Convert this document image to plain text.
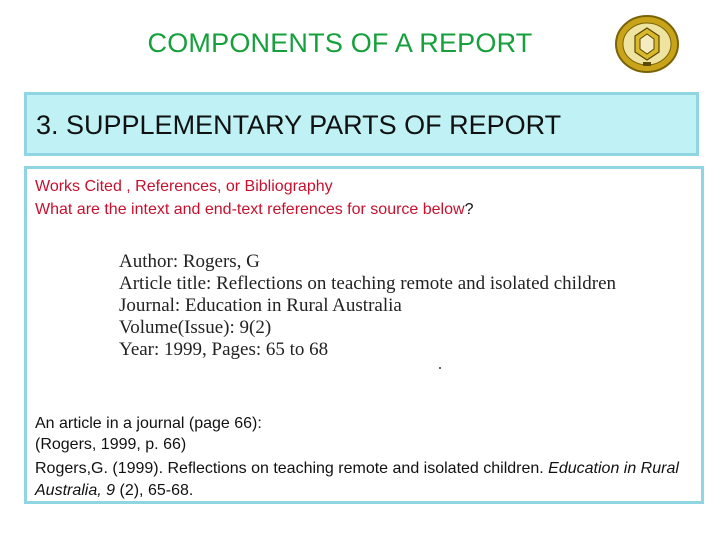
COMPONENTS OF A REPORT
3. SUPPLEMENTARY PARTS OF REPORT
Works Cited , References, or Bibliography
What are the intext and end-text references for source below?
Author: Rogers, G
Article title: Reflections on teaching remote and isolated children
Journal: Education in Rural Australia
Volume(Issue): 9(2)
Year: 1999, Pages: 65 to 68
An article in a journal (page 66):
(Rogers, 1999, p. 66)
Rogers,G. (1999). Reflections on teaching remote and isolated children. Education in Rural Australia, 9 (2), 65-68.
